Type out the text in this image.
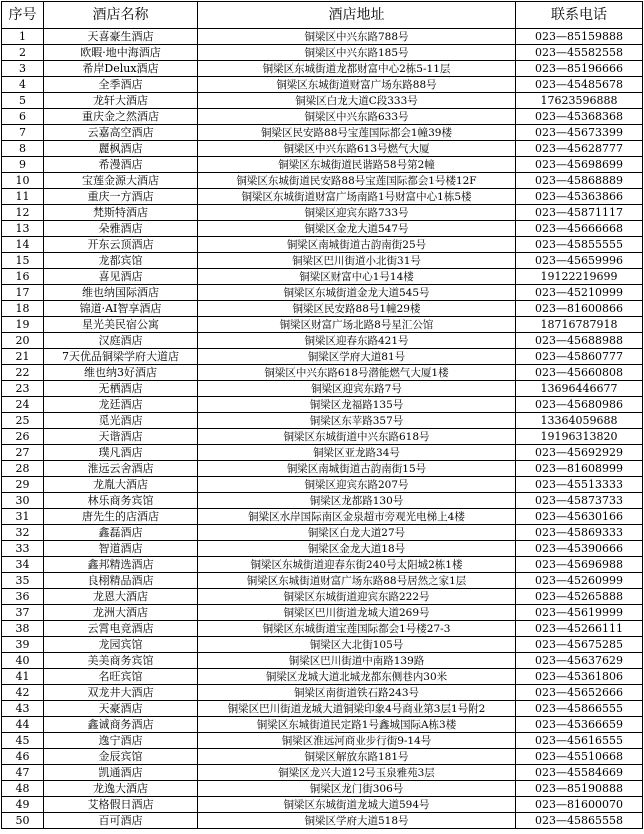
序号	酒店名称	酒店地址	联系电话
1	天喜豪生酒店	铜梁区中兴东路788号	023—85159888
2	欧暇·地中海酒店	铜梁区中兴东路185号	023—45582558
3	希岸Delux酒店	铜梁区东城街道龙都财富中心2栋5-11层	023—85196666
4	全季酒店	铜梁区东城街道财富广场东路88号	023—45485678
5	龙轩大酒店	铜梁区白龙大道C段333号	17623596888
6	重庆金之然酒店	铜梁区中兴东路633号	023—45368368
7	云嘉高空酒店	铜梁区民安路88号宝莲国际都会1幢39楼	023—45673399
8	麗枫酒店	铜梁区中兴东路613号燃气大厦	023—45628777
9	希漫酒店	铜梁区东城街道民谐路58号第2幢	023—45698699
10	宝莲金源大酒店	铜梁区东城街道民安路88号宝莲国际都会1号楼12F	023—45868889
11	重庆一方酒店	铜梁区东城街道财富广场南路1号财富中心1栋5楼	023—45363866
12	梵斯特酒店	铜梁区迎宾东路733号	023—45871117
13	朵雅酒店	铜梁区金龙大道547号	023—45666668
14	开东云顶酒店	铜梁区南城街道古韵南街25号	023—45855555
15	龙都宾馆	铜梁区巴川街道小北街31号	023—45659996
16	喜见酒店	铜梁区财富中心1号14楼	19122219699
17	维也纳国际酒店	铜梁区东城街道金龙大道545号	023—45210999
18	锦道·AI智享酒店	铜梁区民安路88号1幢29楼	023—81600866
19	星光美民宿公寓	铜梁区财富广场北路8号星汇公馆	18716787918
20	汉庭酒店	铜梁区迎春东路421号	023—45688988
21	7天优品铜梁学府大道店	铜梁区学府大道81号	023—45860777
22	维也纳3好酒店	铜梁区中兴东路618号潜能燃气大厦1楼	023—45660808
23	无栖酒店	铜梁区迎宾东路7号	13696446677
24	龙廷酒店	铜梁区龙福路135号	023—45680986
25	觅光酒店	铜梁区东苹路357号	13364059688
26	天谐酒店	铜梁区东城街道中兴东路618号	19196313820
27	璞凡酒店	铜梁区亚龙路34号	023—45692929
28	淮远云舍酒店	铜梁区南城街道古韵南街15号	023—81608999
29	龙胤大酒店	铜梁区迎宾东路207号	023—45513333
30	林乐商务宾馆	铜梁区龙都路130号	023—45873733
31	唐先生的店酒店	铜梁区水岸国际南区金泉超市旁观光电梯上4楼	023—45630166
32	鑫磊酒店	铜梁区白龙大道27号	023—45869333
33	智道酒店	铜梁区金龙大道18号	023—45390666
34	鑫邦精选酒店	铜梁区东城街道迎春东街240号太阳城2栋1楼	023—45696988
35	良栩精品酒店	铜梁区东城街道财富广场东路88号居然之家1层	023—45260999
36	龙恩大酒店	铜梁区东城街道迎宾东路222号	023—45265888
37	龙洲大酒店	铜梁区巴川街道龙城大道269号	023—45619999
38	云霄电竞酒店	铜梁区东城街道宝莲国际都会1号楼27-3	023—45266111
39	龙园宾馆	铜梁区大北街105号	023—45675285
40	美美商务宾馆	铜梁区巴川街道中南路139路	023—45637629
41	名旺宾馆	铜梁区龙城大道北城龙都东侧巷内30米	023—45361806
42	双龙井大酒店	铜梁区南街道铁石路243号	023—45652666
43	天豪酒店	铜梁区巴川街道龙城大道铜梁印象4号商业第3层1号附2	023—45866555
44	鑫诚商务酒店	铜梁区东城街道民定路1号鑫城国际A栋3楼	023—45366659
45	逸宁酒店	铜梁区淮远河商业步行街9-14号	023—45616555
46	金辰宾馆	铜梁区解放东路181号	023—45510668
47	凯通酒店	铜梁区龙兴大道12号玉泉雅苑3层	023—45584669
48	龙逸大酒店	铜梁区龙门街306号	023—85190888
49	艾格假日酒店	铜梁区东城街道龙城大道594号	023—81600070
50	百可酒店	铜梁区学府大道518号	023—45865558
